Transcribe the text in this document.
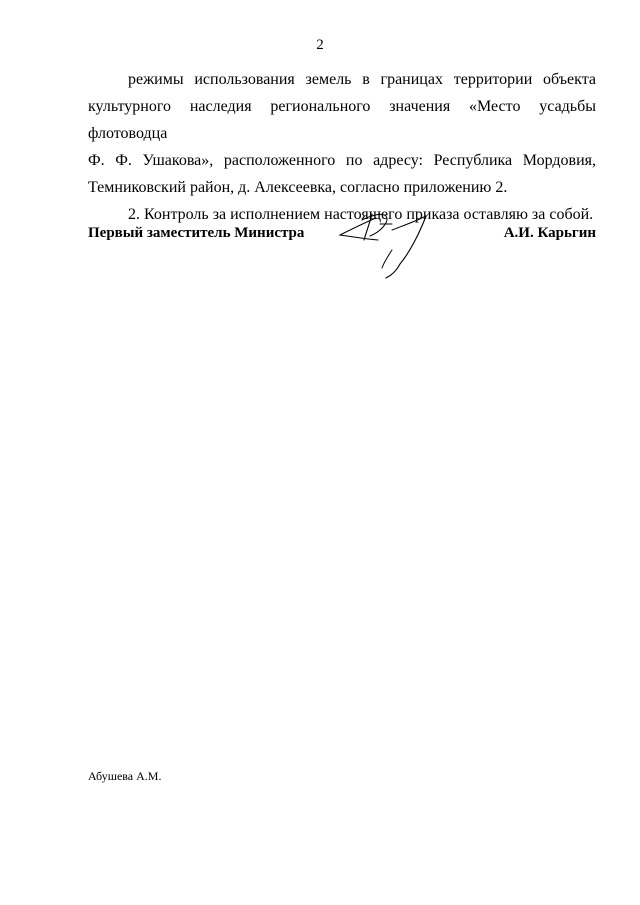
2

режимы использования земель в границах территории объекта
культурного наследия регионального значения «Место усадьбы флотоводца
Ф. Ф. Ушакова», расположенного по адресу: Республика Мордовия,
Темниковский район, д. Алексеевка, согласно приложению 2.

2. Контроль за исполнением настоящего приказа оставляю за собой.

Первый заместитель Министра	А.И. Карьгин
Абушева А.М.
